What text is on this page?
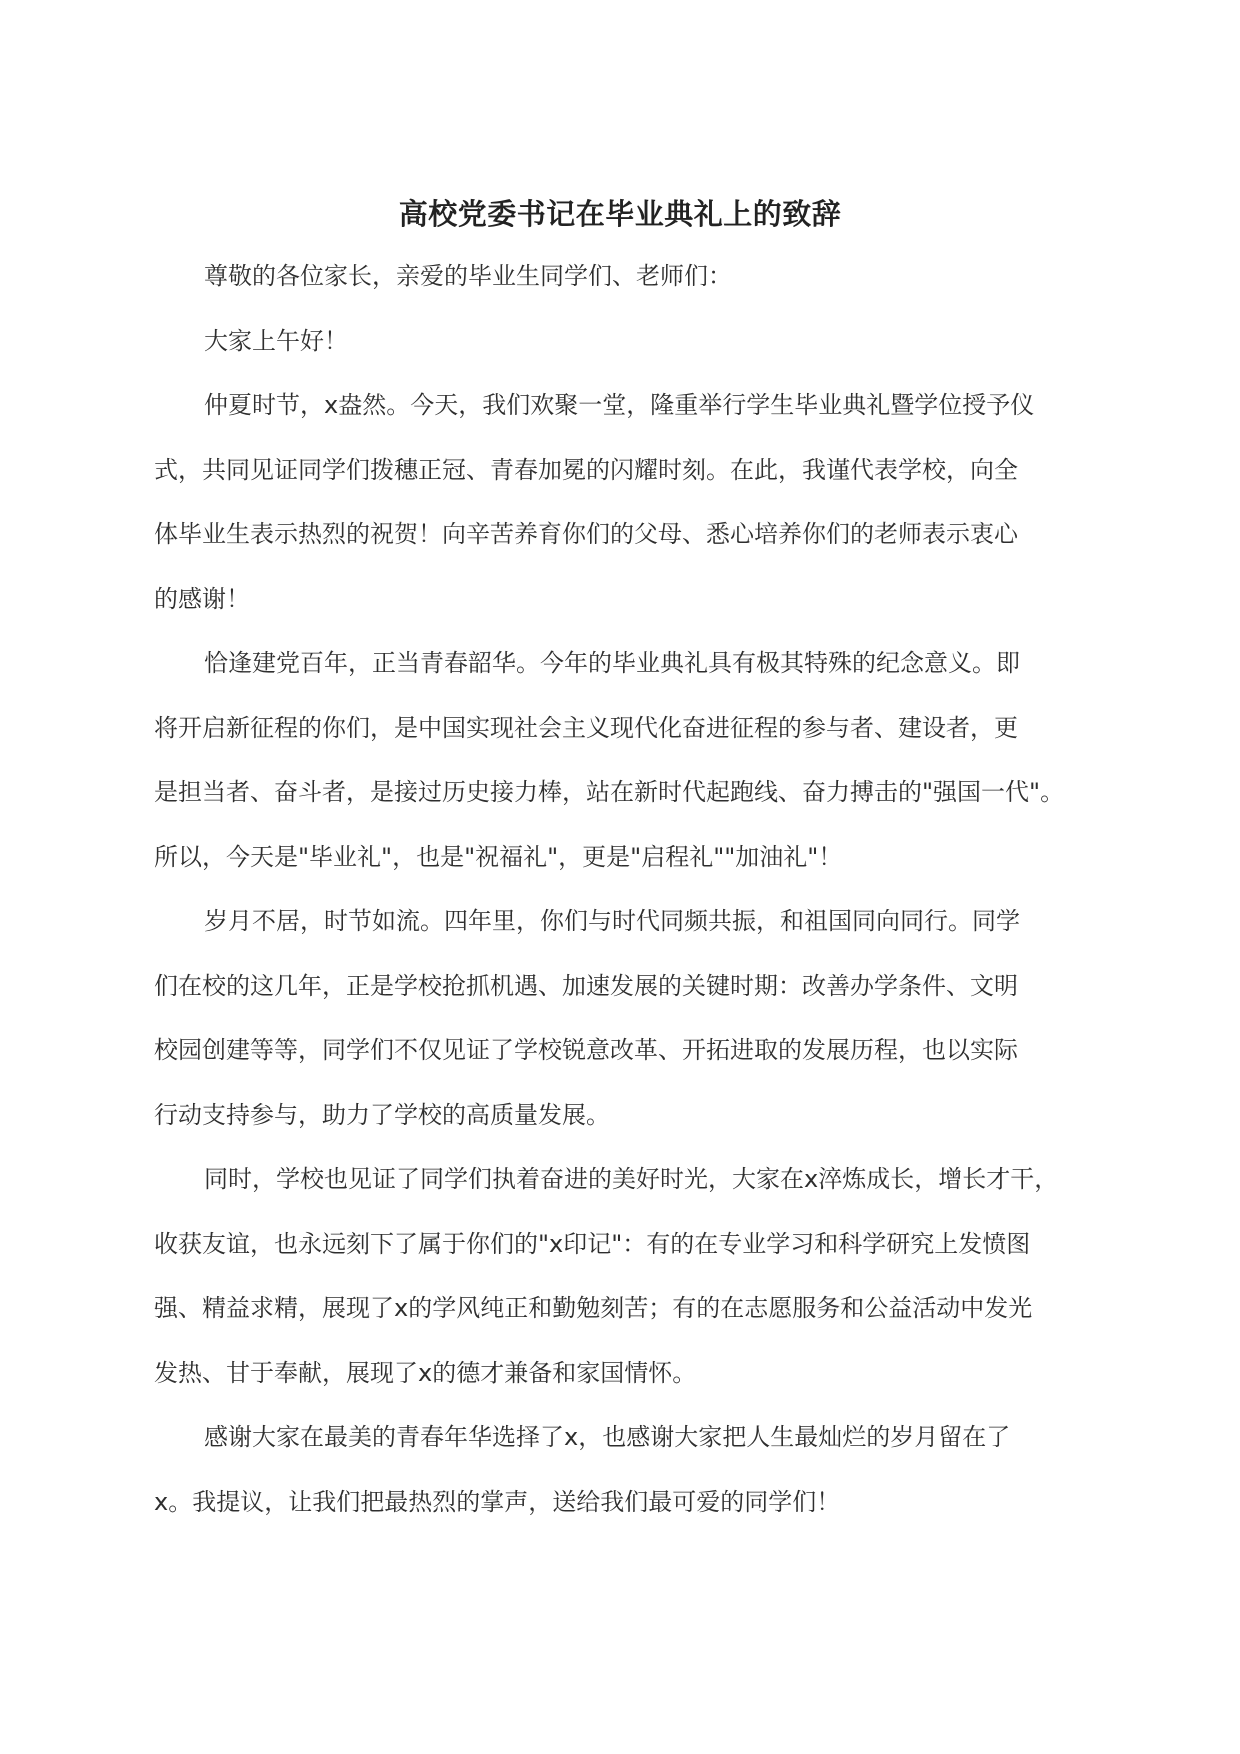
高校党委书记在毕业典礼上的致辞
尊敬的各位家长，亲爱的毕业生同学们、老师们：
大家上午好！
仲夏时节，x盎然。今天，我们欢聚一堂，隆重举行学生毕业典礼暨学位授予仪
式，共同见证同学们拨穗正冠、青春加冕的闪耀时刻。在此，我谨代表学校，向全
体毕业生表示热烈的祝贺！向辛苦养育你们的父母、悉心培养你们的老师表示衷心
的感谢！
恰逢建党百年，正当青春韶华。今年的毕业典礼具有极其特殊的纪念意义。即
将开启新征程的你们，是中国实现社会主义现代化奋进征程的参与者、建设者，更
是担当者、奋斗者，是接过历史接力棒，站在新时代起跑线、奋力搏击的"强国一代"。
所以，今天是"毕业礼"，也是"祝福礼"，更是"启程礼""加油礼"！
岁月不居，时节如流。四年里，你们与时代同频共振，和祖国同向同行。同学
们在校的这几年，正是学校抢抓机遇、加速发展的关键时期：改善办学条件、文明
校园创建等等，同学们不仅见证了学校锐意改革、开拓进取的发展历程，也以实际
行动支持参与，助力了学校的高质量发展。
同时，学校也见证了同学们执着奋进的美好时光，大家在x淬炼成长，增长才干，
收获友谊，也永远刻下了属于你们的"x印记"：有的在专业学习和科学研究上发愤图
强、精益求精，展现了x的学风纯正和勤勉刻苦；有的在志愿服务和公益活动中发光
发热、甘于奉献，展现了x的德才兼备和家国情怀。
感谢大家在最美的青春年华选择了x，也感谢大家把人生最灿烂的岁月留在了
x。我提议，让我们把最热烈的掌声，送给我们最可爱的同学们！
